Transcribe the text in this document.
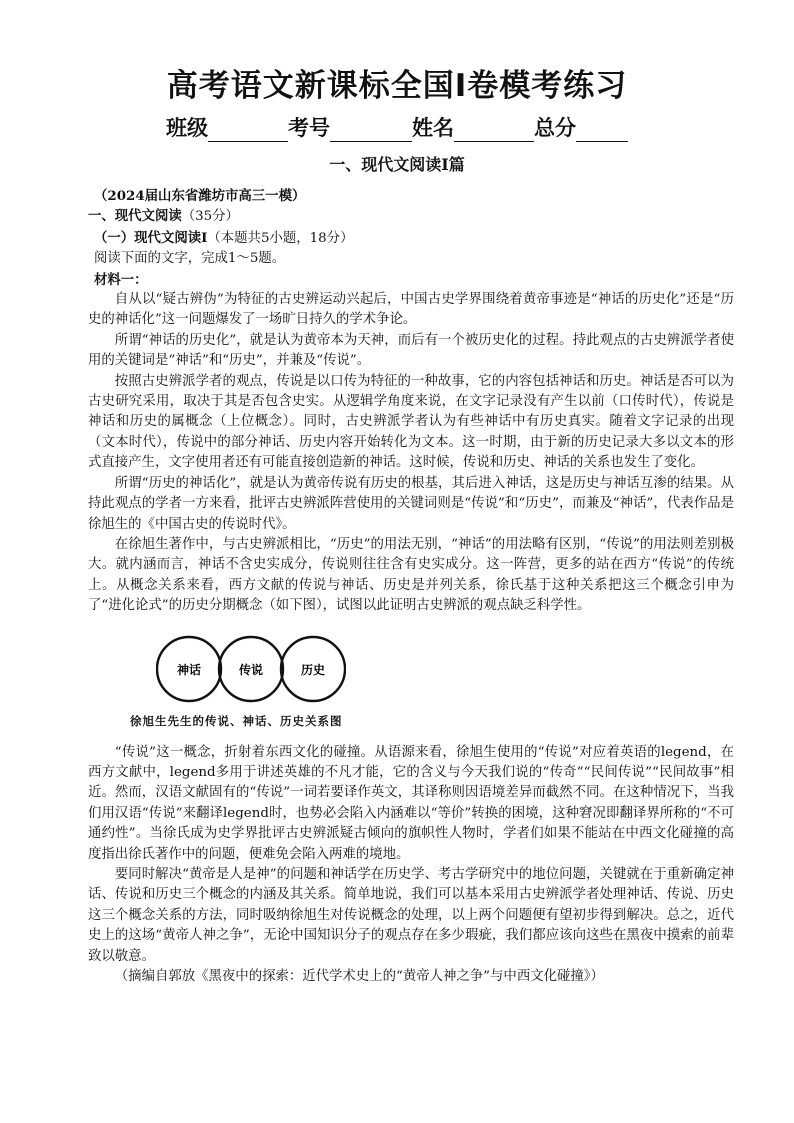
高考语文新课标全国Ⅰ卷模考练习
班级	考号	姓名	总分
一、现代文阅读Ⅰ篇

（2024届山东省潍坊市高三一模）

一、现代文阅读（35分）

（一）现代文阅读Ⅰ（本题共5小题，18分）

阅读下面的文字，完成1～5题。

材料一：

自从以“疑古辨伪”为特征的古史辨运动兴起后，中国古史学界围绕着黄帝事迹是“神话的历史化”还是“历史的神话化”这一问题爆发了一场旷日持久的学术争论。

所谓“神话的历史化”，就是认为黄帝本为天神，而后有一个被历史化的过程。持此观点的古史辨派学者使用的关键词是“神话”和“历史”，并兼及“传说”。

按照古史辨派学者的观点，传说是以口传为特征的一种故事，它的内容包括神话和历史。神话是否可以为古史研究采用，取决于其是否包含史实。从逻辑学角度来说，在文字记录没有产生以前（口传时代），传说是神话和历史的属概念（上位概念）。同时，古史辨派学者认为有些神话中有历史真实。随着文字记录的出现（文本时代），传说中的部分神话、历史内容开始转化为文本。这一时期，由于新的历史记录大多以文本的形式直接产生，文字使用者还有可能直接创造新的神话。这时候，传说和历史、神话的关系也发生了变化。

所谓“历史的神话化”，就是认为黄帝传说有历史的根基，其后进入神话，这是历史与神话互渗的结果。从持此观点的学者一方来看，批评古史辨派阵营使用的关键词则是“传说”和“历史”，而兼及“神话”，代表作品是徐旭生的《中国古史的传说时代》。

在徐旭生著作中，与古史辨派相比，“历史”的用法无别，“神话”的用法略有区别，“传说”的用法则差别极大。就内涵而言，神话不含史实成分，传说则往往含有史实成分。这一阵营，更多的站在西方“传说”的传统上。从概念关系来看，西方文献的传说与神话、历史是并列关系，徐氏基于这种关系把这三个概念引申为了“进化论式”的历史分期概念（如下图），试图以此证明古史辨派的观点缺乏科学性。

神话	传说	历史
徐旭生先生的传说、神话、历史关系图

“传说”这一概念，折射着东西文化的碰撞。从语源来看，徐旭生使用的“传说”对应着英语的legend，在西方文献中，legend多用于讲述英雄的不凡才能，它的含义与今天我们说的“传奇”“民间传说”“民间故事”相近。然而，汉语文献固有的“传说”一词若要译作英文，其译称则因语境差异而截然不同。在这种情况下，当我们用汉语“传说”来翻译legend时，也势必会陷入内涵难以“等价”转换的困境，这种窘况即翻译界所称的“不可通约性”。当徐氏成为史学界批评古史辨派疑古倾向的旗帜性人物时，学者们如果不能站在中西文化碰撞的高度指出徐氏著作中的问题，便难免会陷入两难的境地。

要同时解决“黄帝是人是神”的问题和神话学在历史学、考古学研究中的地位问题，关键就在于重新确定神话、传说和历史三个概念的内涵及其关系。简单地说，我们可以基本采用古史辨派学者处理神话、传说、历史这三个概念关系的方法，同时吸纳徐旭生对传说概念的处理，以上两个问题便有望初步得到解决。总之，近代史上的这场“黄帝人神之争”，无论中国知识分子的观点存在多少瑕疵，我们都应该向这些在黑夜中摸索的前辈致以敬意。

（摘编自郭放《黑夜中的探索：近代学术史上的“黄帝人神之争”与中西文化碰撞》）
